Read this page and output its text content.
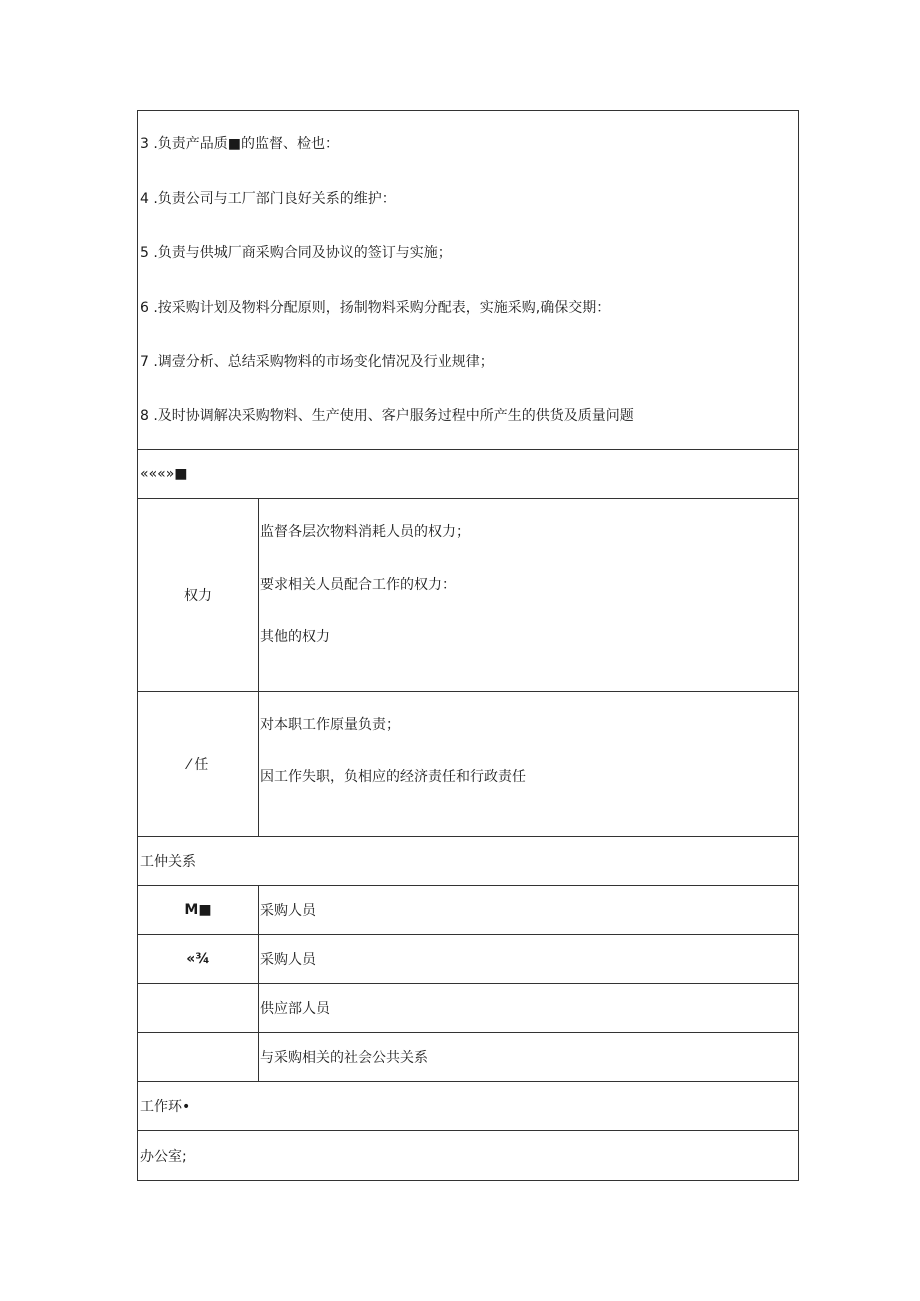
3 .负责产品质■的监督、检也：
4 .负责公司与工厂部门良好关系的维护：
5 .负责与供城厂商采购合同及协议的签订与实施；
6 .按采购计划及物料分配原则，扬制物料采购分配表，实施采购,确保交期：
7 .调壹分析、总结采购物料的市场变化情况及行业规律；
8 .及时协调解决采购物料、生产使用、客户服务过程中所产生的供货及质量问题
«««»■
权力
监督各层次物料消耗人员的权力；
要求相关人员配合工作的权力：
其他的权力
⁄ 任
对本职工作原量负责；
因工作失职，负相应的经济责任和行政责任
工仲关系
M■	采购人员
«¾	采购人员
供应部人员
与采购相关的社会公共关系
工作环•
办公室;
